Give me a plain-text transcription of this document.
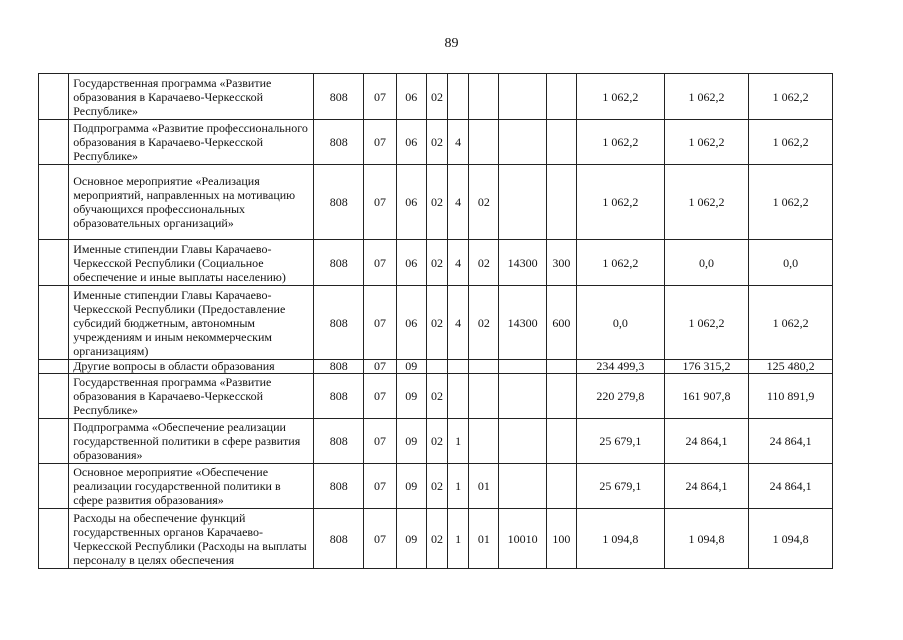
89
	Государственная программа «Развитие образования в Карачаево-Черкесской Республике»	808	07	06	02					1 062,2	1 062,2	1 062,2
	Подпрограмма «Развитие профессионального образования в Карачаево-Черкесской Республике»	808	07	06	02	4				1 062,2	1 062,2	1 062,2
	Основное мероприятие «Реализация мероприятий, направленных на мотивацию обучающихся профессиональных образовательных организаций»	808	07	06	02	4	02			1 062,2	1 062,2	1 062,2
	Именные стипендии Главы Карачаево-Черкесской Республики (Социальное обеспечение и иные выплаты населению)	808	07	06	02	4	02	14300	300	1 062,2	0,0	0,0
	Именные стипендии Главы Карачаево-Черкесской Республики (Предоставление субсидий бюджетным, автономным учреждениям и иным некоммерческим организациям)	808	07	06	02	4	02	14300	600	0,0	1 062,2	1 062,2
	Другие вопросы в области образования	808	07	09						234 499,3	176 315,2	125 480,2
	Государственная программа «Развитие образования в Карачаево-Черкесской Республике»	808	07	09	02					220 279,8	161 907,8	110 891,9
	Подпрограмма «Обеспечение реализации государственной политики в сфере развития образования»	808	07	09	02	1				25 679,1	24 864,1	24 864,1
	Основное мероприятие «Обеспечение реализации государственной политики в сфере развития образования»	808	07	09	02	1	01			25 679,1	24 864,1	24 864,1
	Расходы на обеспечение функций государственных органов Карачаево-Черкесской Республики (Расходы на выплаты персоналу в целях обеспечения	808	07	09	02	1	01	10010	100	1 094,8	1 094,8	1 094,8
